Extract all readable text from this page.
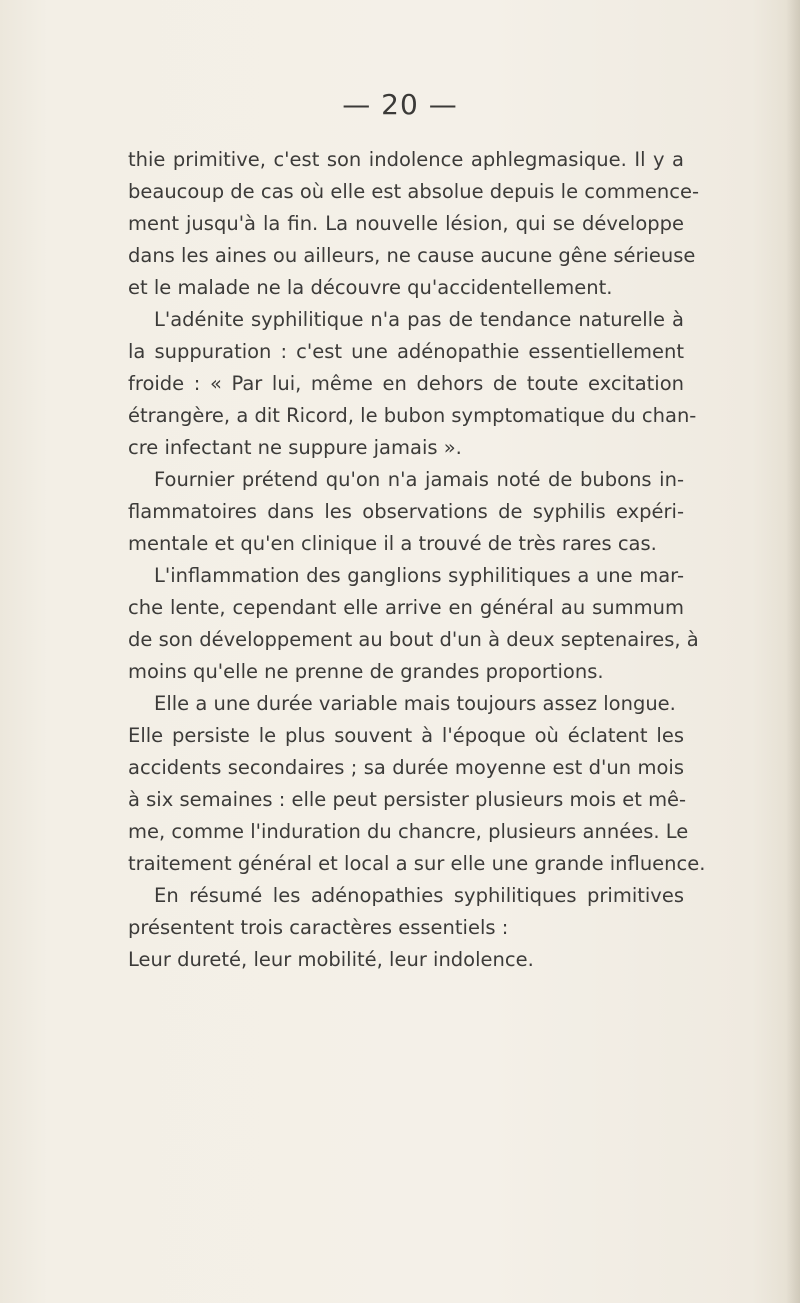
— 20 —
thie primitive, c'est son indolence aphlegmasique. Il y a
beaucoup de cas où elle est absolue depuis le commence-
ment jusqu'à la fin. La nouvelle lésion, qui se développe
dans les aines ou ailleurs, ne cause aucune gêne sérieuse
et le malade ne la découvre qu'accidentellement.
L'adénite syphilitique n'a pas de tendance naturelle à
la suppuration : c'est une adénopathie essentiellement
froide : « Par lui, même en dehors de toute excitation
étrangère, a dit Ricord, le bubon symptomatique du chan-
cre infectant ne suppure jamais ».
Fournier prétend qu'on n'a jamais noté de bubons in-
flammatoires dans les observations de syphilis expéri-
mentale et qu'en clinique il a trouvé de très rares cas.
L'inflammation des ganglions syphilitiques a une mar-
che lente, cependant elle arrive en général au summum
de son développement au bout d'un à deux septenaires, à
moins qu'elle ne prenne de grandes proportions.
Elle a une durée variable mais toujours assez longue.
Elle persiste le plus souvent à l'époque où éclatent les
accidents secondaires ; sa durée moyenne est d'un mois
à six semaines : elle peut persister plusieurs mois et mê-
me, comme l'induration du chancre, plusieurs années. Le
traitement général et local a sur elle une grande influence.
En résumé les adénopathies syphilitiques primitives
présentent trois caractères essentiels :
Leur dureté, leur mobilité, leur indolence.
